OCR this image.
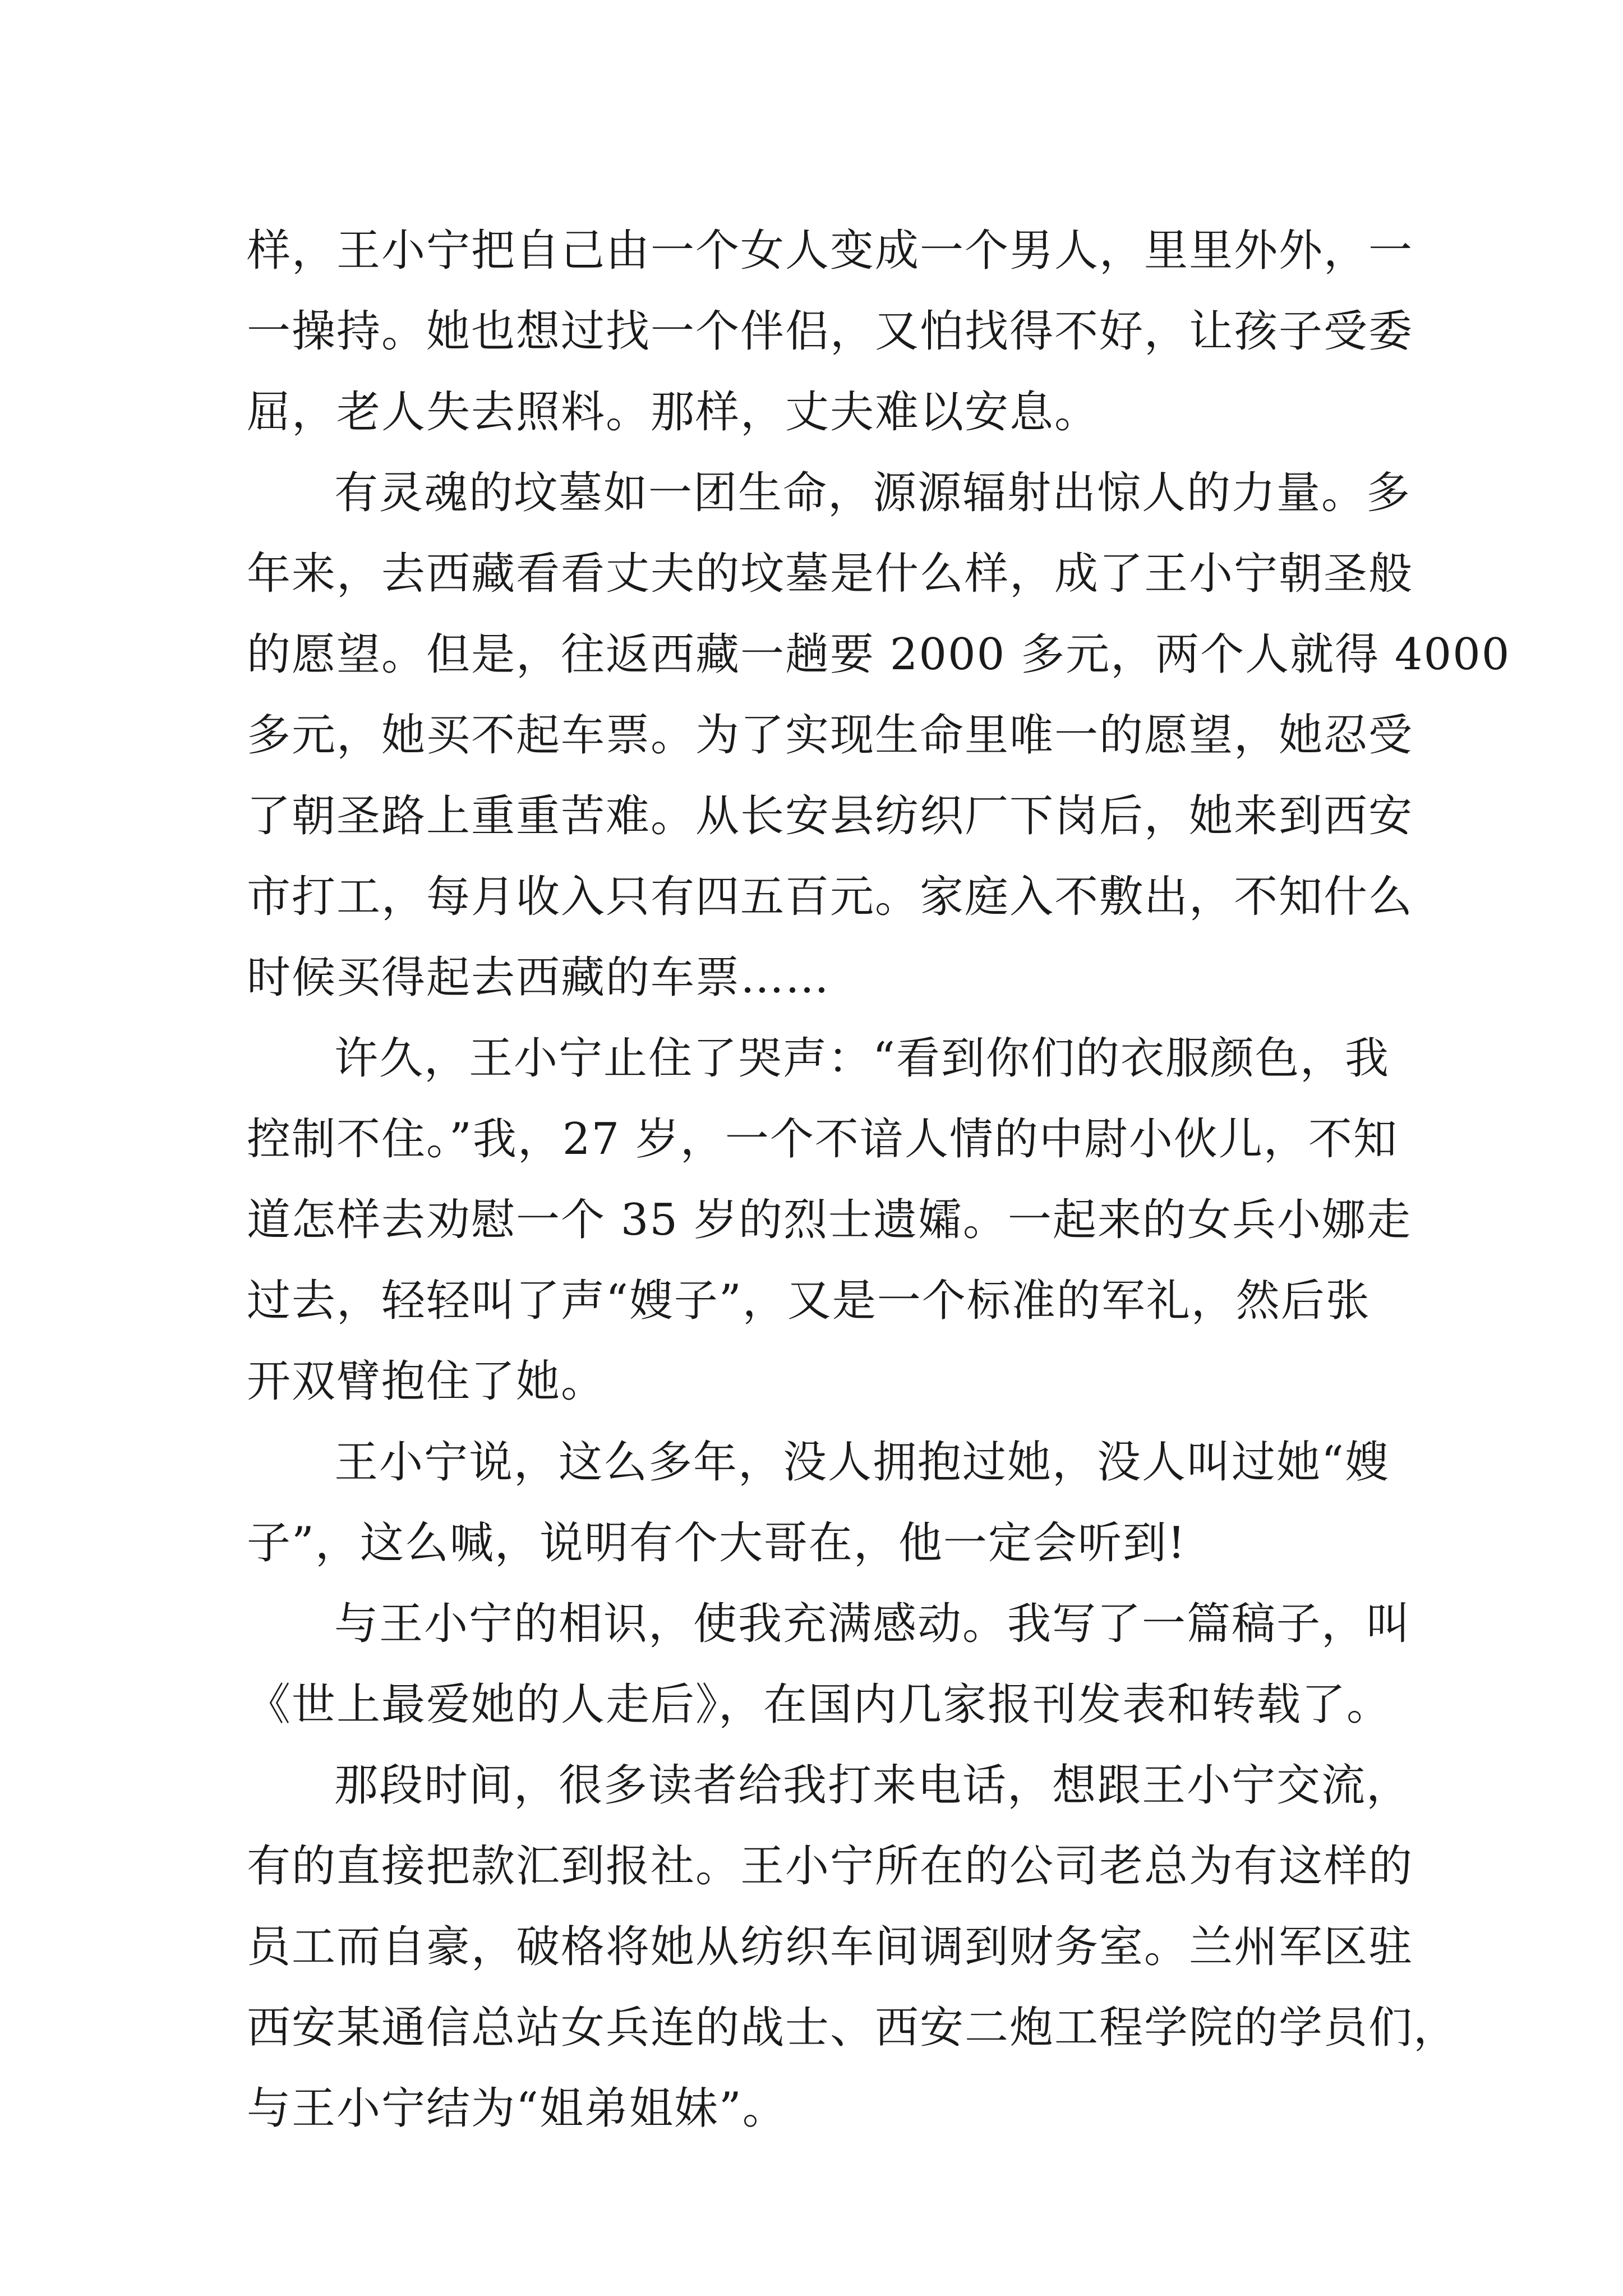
样，王小宁把自己由一个女人变成一个男人，里里外外，一
一操持。她也想过找一个伴侣，又怕找得不好，让孩子受委
屈，老人失去照料。那样，丈夫难以安息。
有灵魂的坟墓如一团生命，源源辐射出惊人的力量。多
年来，去西藏看看丈夫的坟墓是什么样，成了王小宁朝圣般
的愿望。但是，往返西藏一趟要 2000 多元，两个人就得 4000
多元，她买不起车票。为了实现生命里唯一的愿望，她忍受
了朝圣路上重重苦难。从长安县纺织厂下岗后，她来到西安
市打工，每月收入只有四五百元。家庭入不敷出，不知什么
时候买得起去西藏的车票……
许久，王小宁止住了哭声：“看到你们的衣服颜色，我
控制不住。”我，27 岁，一个不谙人情的中尉小伙儿，不知
道怎样去劝慰一个 35 岁的烈士遗孀。一起来的女兵小娜走
过去，轻轻叫了声“嫂子”，又是一个标准的军礼，然后张
开双臂抱住了她。
王小宁说，这么多年，没人拥抱过她，没人叫过她“嫂
子”，这么喊，说明有个大哥在，他一定会听到!
与王小宁的相识，使我充满感动。我写了一篇稿子，叫
《世上最爱她的人走后》，在国内几家报刊发表和转载了。
那段时间，很多读者给我打来电话，想跟王小宁交流，
有的直接把款汇到报社。王小宁所在的公司老总为有这样的
员工而自豪，破格将她从纺织车间调到财务室。兰州军区驻
西安某通信总站女兵连的战士、西安二炮工程学院的学员们，
与王小宁结为“姐弟姐妹”。
